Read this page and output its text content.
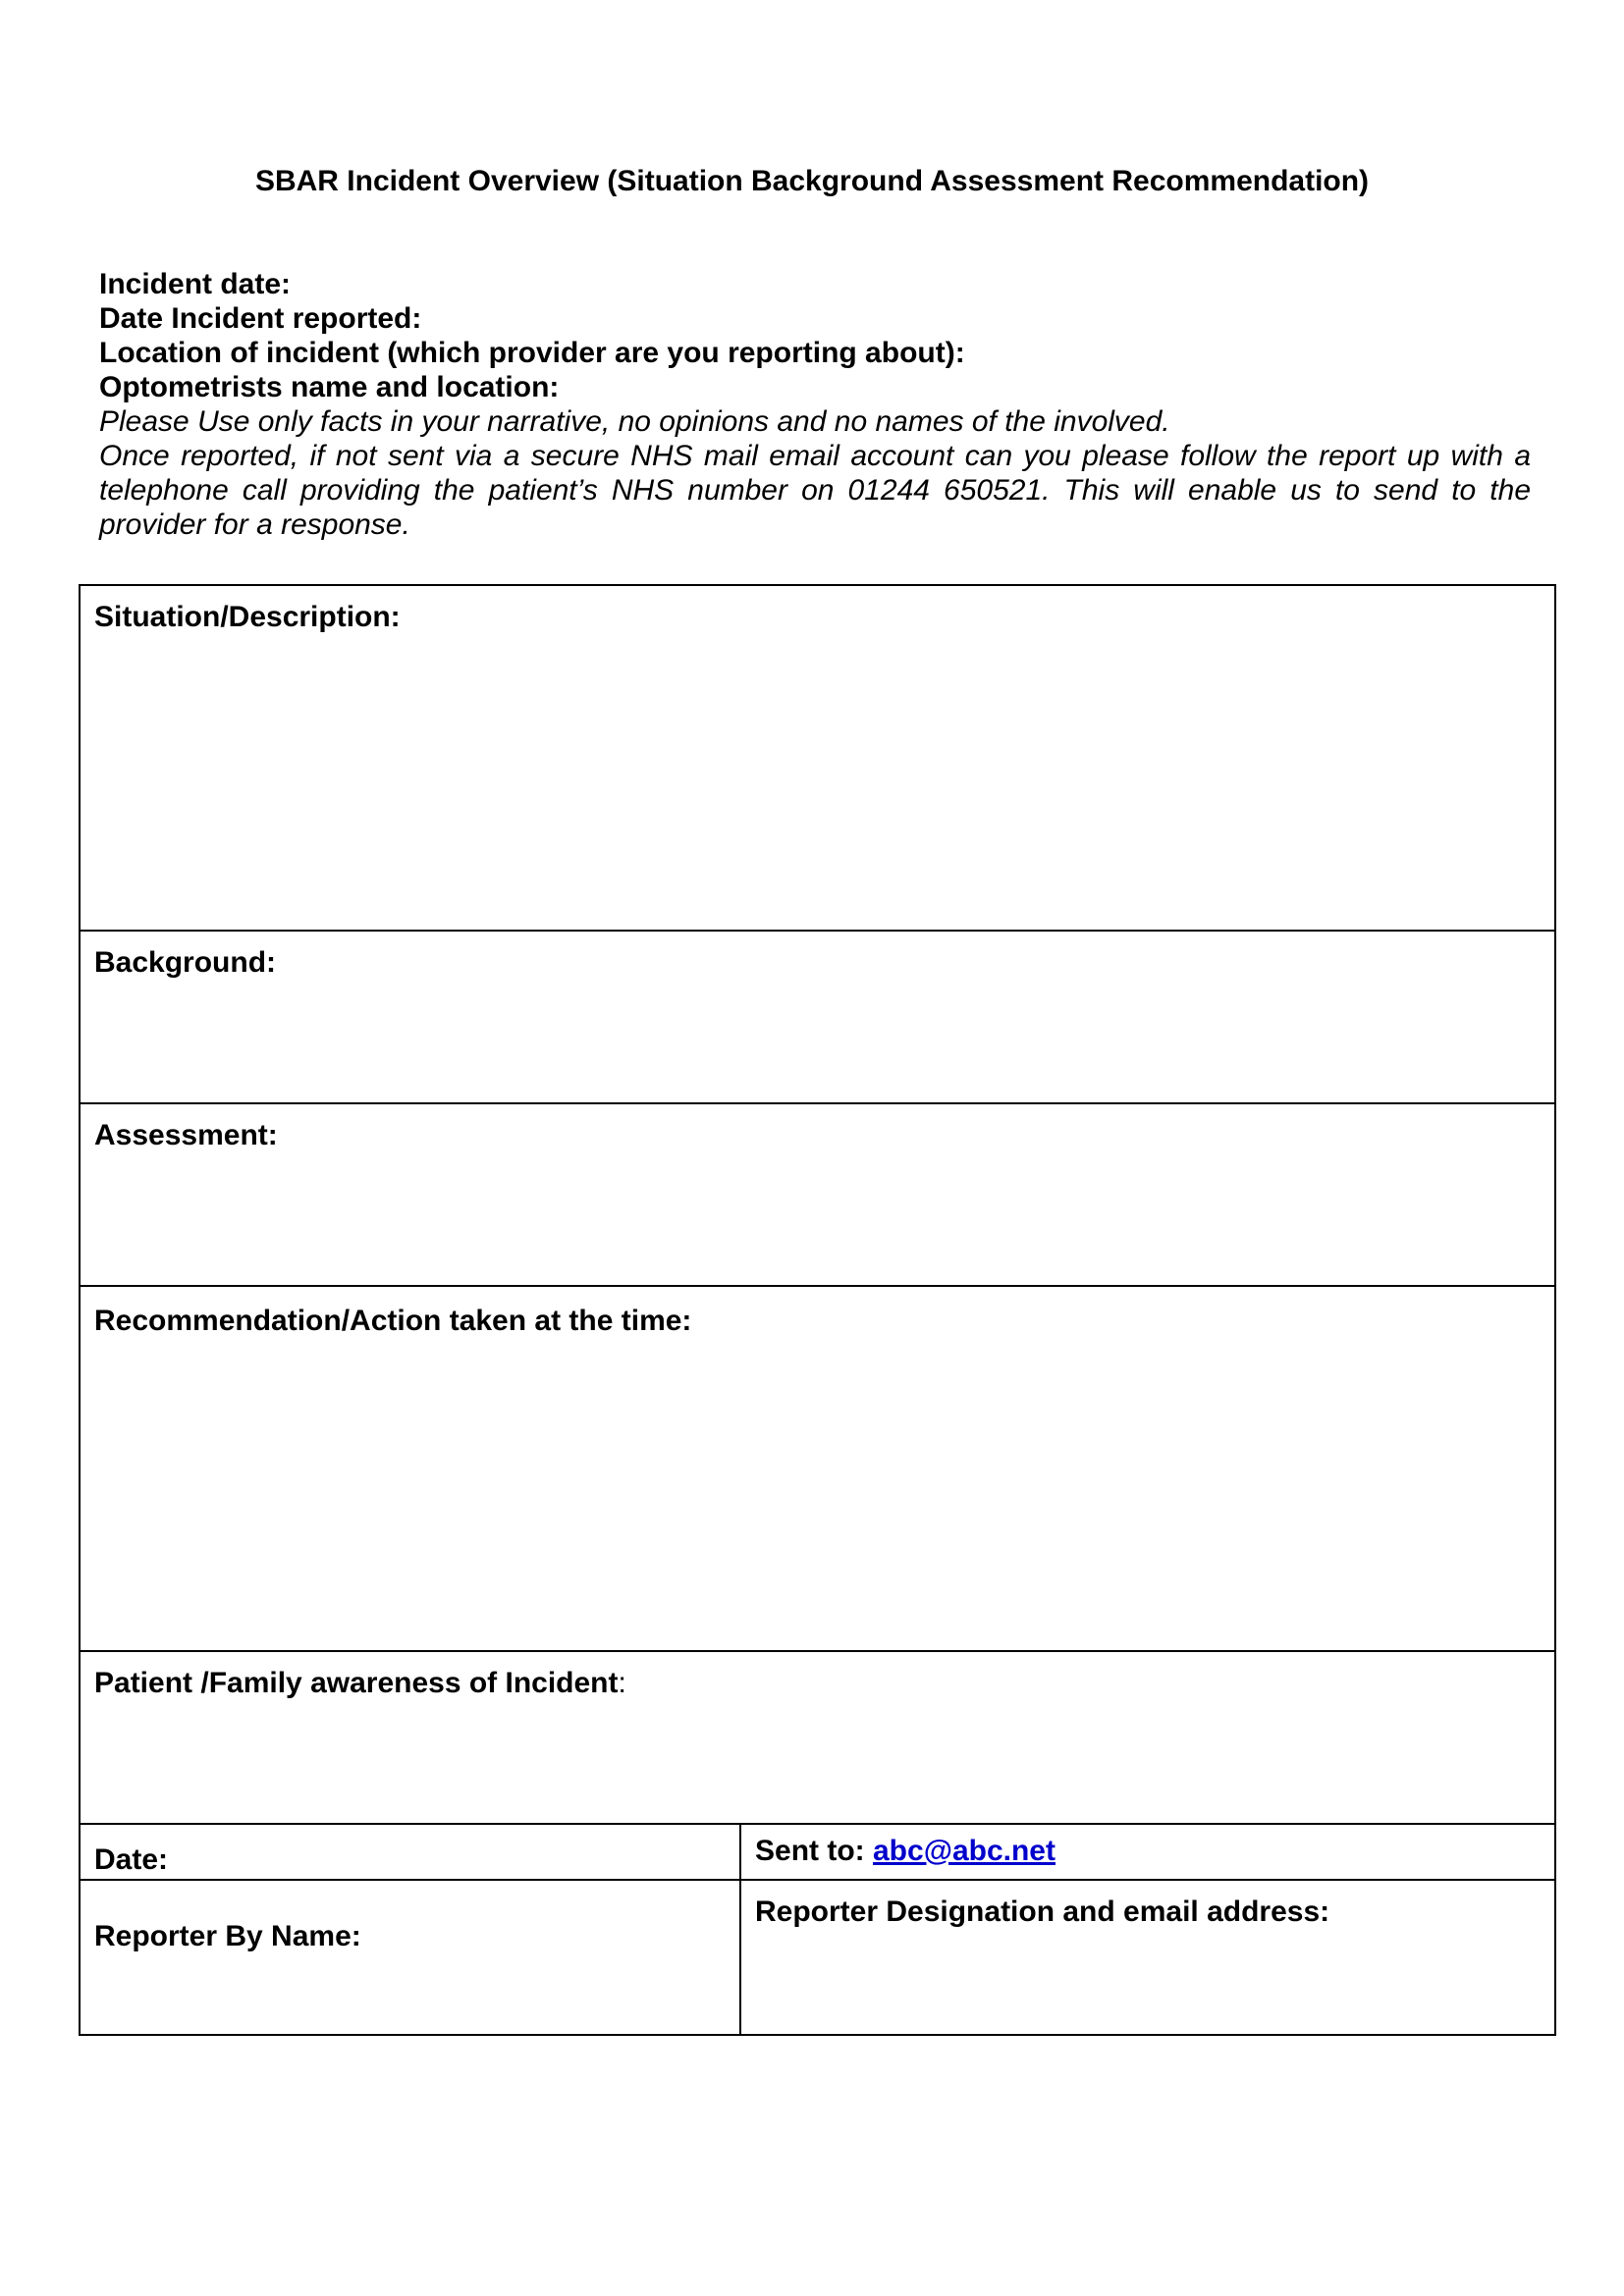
SBAR Incident Overview (Situation Background Assessment Recommendation)
Incident date:
Date Incident reported:
Location of incident (which provider are you reporting about):
Optometrists name and location:
Please Use only facts in your narrative, no opinions and no names of the involved.
Once reported, if not sent via a secure NHS mail email account can you please follow the report up with a telephone call providing the patient’s NHS number on 01244 650521. This will enable us to send to the provider for a response.
Situation/Description:	

Background:	

Assessment:	

Recommendation/Action taken at the time:	

Patient /Family awareness of Incident:	

Date:	Sent to: abc@abc.net

Reporter By Name:	Reporter Designation and email address:
